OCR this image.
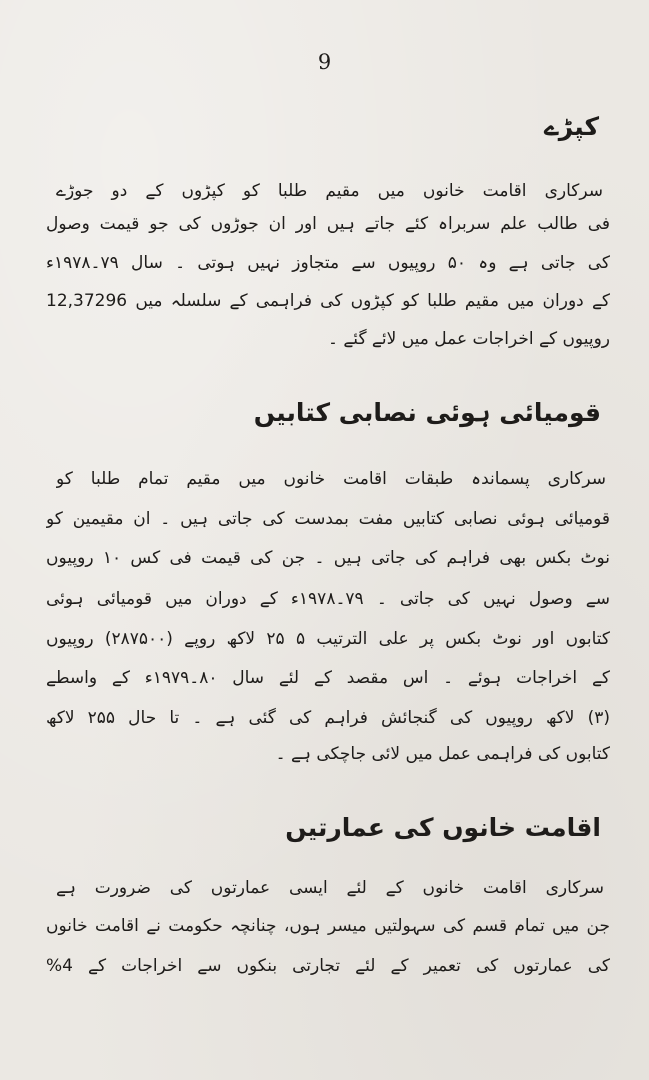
9
کپڑے
سرکاری اقامت خانوں میں مقیم طلبا کو کپڑوں کے دو جوڑے
فی طالب علم سربراہ کئے جاتے ہیں اور ان جوڑوں کی جو قیمت وصول
کی جاتی ہے وہ ۵۰ روپیوں سے متجاوز نہیں ہوتی ۔ سال ۷۹۔۱۹۷۸ء
کے دوران میں مقیم طلبا کو کپڑوں کی فراہمی کے سلسلہ میں 12,37296
روپیوں کے اخراجات عمل میں لائے گئے ۔
قومیائی ہوئی نصابی کتابیں
سرکاری پسماندہ طبقات اقامت خانوں میں مقیم تمام طلبا کو
قومیائی ہوئی نصابی کتابیں مفت بمدست کی جاتی ہیں ۔ ان مقیمین کو
نوٹ بکس بھی فراہم کی جاتی ہیں ۔ جن کی قیمت فی کس ۱۰ روپیوں
سے وصول نہیں کی جاتی ۔ ۷۹۔۱۹۷۸ء کے دوران میں قومیائی ہوئی
کتابوں اور نوٹ بکس پر علی الترتیب ۵ ۲۵ لاکھ روپے (۲۸۷۵۰۰) روپیوں
کے اخراجات ہوئے ۔ اس مقصد کے لئے سال ۸۰۔۱۹۷۹ء کے واسطے
(۳) لاکھ روپیوں کی گنجائش فراہم کی گئی ہے ۔ تا حال ۲۵۵ لاکھ
کتابوں کی فراہمی عمل میں لائی جاچکی ہے ۔
اقامت خانوں کی عمارتیں
سرکاری اقامت خانوں کے لئے ایسی عمارتوں کی ضرورت ہے
جن میں تمام قسم کی سہولتیں میسر ہوں، چنانچہ حکومت نے اقامت خانوں
کی عمارتوں کی تعمیر کے لئے تجارتی بنکوں سے اخراجات کے 4%
